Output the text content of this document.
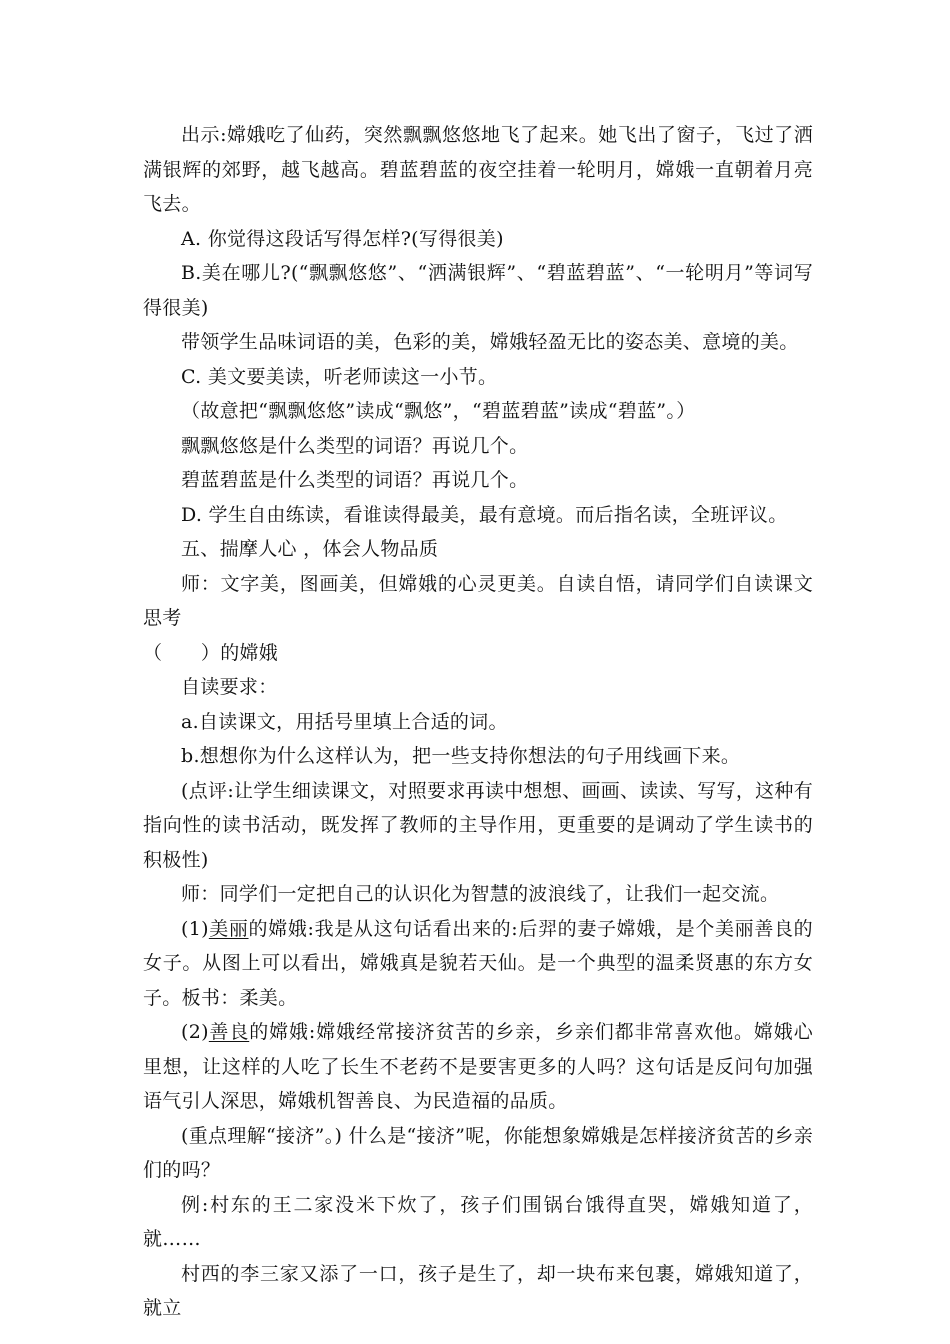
出示:嫦娥吃了仙药，突然飘飘悠悠地飞了起来。她飞出了窗子，飞过了洒满银辉的郊野，越飞越高。碧蓝碧蓝的夜空挂着一轮明月，嫦娥一直朝着月亮飞去。

A. 你觉得这段话写得怎样?(写得很美)

B.美在哪儿?(“飘飘悠悠”、“洒满银辉”、“碧蓝碧蓝”、“一轮明月”等词写得很美)

带领学生品味词语的美，色彩的美，嫦娥轻盈无比的姿态美、意境的美。

C. 美文要美读，听老师读这一小节。

（故意把“飘飘悠悠”读成“飘悠”，“碧蓝碧蓝”读成“碧蓝”。）

飘飘悠悠是什么类型的词语？再说几个。

碧蓝碧蓝是什么类型的词语？再说几个。

D. 学生自由练读，看谁读得最美，最有意境。而后指名读，全班评议。

五、揣摩人心 ，体会人物品质

师：文字美，图画美，但嫦娥的心灵更美。自读自悟，请同学们自读课文思考

（　　）的嫦娥

自读要求：

a.自读课文，用括号里填上合适的词。

b.想想你为什么这样认为，把一些支持你想法的句子用线画下来。

(点评:让学生细读课文，对照要求再读中想想、画画、读读、写写，这种有指向性的读书活动，既发挥了教师的主导作用，更重要的是调动了学生读书的积极性)

师：同学们一定把自己的认识化为智慧的波浪线了，让我们一起交流。

(1)美丽的嫦娥:我是从这句话看出来的:后羿的妻子嫦娥，是个美丽善良的女子。从图上可以看出，嫦娥真是貌若天仙。是一个典型的温柔贤惠的东方女子。板书：柔美。

(2)善良的嫦娥:嫦娥经常接济贫苦的乡亲，乡亲们都非常喜欢他。嫦娥心里想，让这样的人吃了长生不老药不是要害更多的人吗？这句话是反问句加强语气引人深思，嫦娥机智善良、为民造福的品质。

(重点理解“接济”。) 什么是“接济”呢，你能想象嫦娥是怎样接济贫苦的乡亲们的吗？

例:村东的王二家没米下炊了，孩子们围锅台饿得直哭，嫦娥知道了，就……

村西的李三家又添了一口，孩子是生了，却一块布来包裹，嫦娥知道了，就立
